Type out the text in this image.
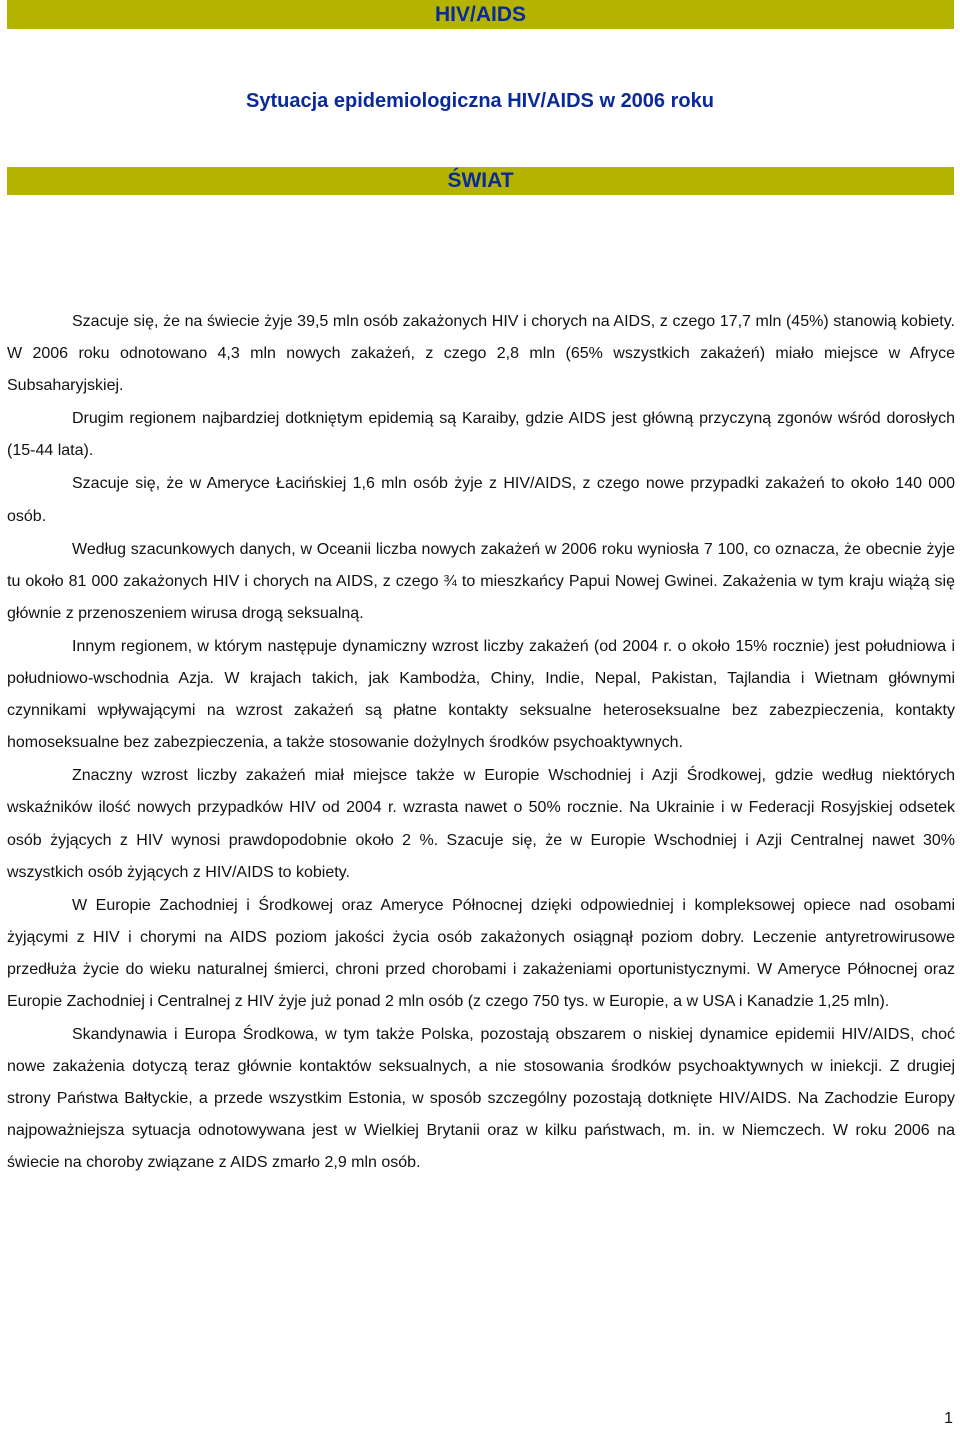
HIV/AIDS
Sytuacja epidemiologiczna HIV/AIDS w 2006 roku
ŚWIAT

Szacuje się, że na świecie żyje 39,5 mln osób zakażonych HIV i chorych na AIDS, z czego 17,7 mln (45%) stanowią kobiety. W 2006 roku odnotowano 4,3 mln nowych zakażeń, z czego 2,8 mln (65% wszystkich zakażeń) miało miejsce w Afryce Subsaharyjskiej.

Drugim regionem najbardziej dotkniętym epidemią są Karaiby, gdzie AIDS jest główną przyczyną zgonów wśród dorosłych (15-44 lata).

Szacuje się, że w Ameryce Łacińskiej 1,6 mln osób żyje z HIV/AIDS, z czego nowe przypadki zakażeń to około 140 000 osób.

Według szacunkowych danych, w Oceanii liczba nowych zakażeń w 2006 roku wyniosła 7 100, co oznacza, że obecnie żyje tu około 81 000 zakażonych HIV i chorych na AIDS, z czego ¾ to mieszkańcy Papui Nowej Gwinei. Zakażenia w tym kraju wiążą się głównie z przenoszeniem wirusa drogą seksualną.

Innym regionem, w którym następuje dynamiczny wzrost liczby zakażeń (od 2004 r. o około 15% rocznie) jest południowa i południowo-wschodnia Azja. W krajach takich, jak Kambodża, Chiny, Indie, Nepal, Pakistan, Tajlandia i Wietnam głównymi czynnikami wpływającymi na wzrost zakażeń są płatne kontakty seksualne heteroseksualne bez zabezpieczenia, kontakty homoseksualne bez zabezpieczenia, a także stosowanie dożylnych środków psychoaktywnych.

Znaczny wzrost liczby zakażeń miał miejsce także w Europie Wschodniej i Azji Środkowej, gdzie według niektórych wskaźników ilość nowych przypadków HIV od 2004 r. wzrasta nawet o 50% rocznie. Na Ukrainie i w Federacji Rosyjskiej odsetek osób żyjących z HIV wynosi prawdopodobnie około 2 %. Szacuje się, że w Europie Wschodniej i Azji Centralnej nawet 30% wszystkich osób żyjących z HIV/AIDS to kobiety.

W Europie Zachodniej i Środkowej oraz Ameryce Północnej dzięki odpowiedniej i kompleksowej opiece nad osobami żyjącymi z HIV i chorymi na AIDS poziom jakości życia osób zakażonych osiągnął poziom dobry. Leczenie antyretrowirusowe przedłuża życie do wieku naturalnej śmierci, chroni przed chorobami i zakażeniami oportunistycznymi. W Ameryce Północnej oraz Europie Zachodniej i Centralnej z HIV żyje już ponad 2 mln osób (z czego 750 tys. w Europie, a w USA i Kanadzie 1,25 mln).

Skandynawia i Europa Środkowa, w tym także Polska, pozostają obszarem o niskiej dynamice epidemii HIV/AIDS, choć nowe zakażenia dotyczą teraz głównie kontaktów seksualnych, a nie stosowania środków psychoaktywnych w iniekcji. Z drugiej strony Państwa Bałtyckie, a przede wszystkim Estonia, w sposób szczególny pozostają dotknięte HIV/AIDS. Na Zachodzie Europy najpoważniejsza sytuacja odnotowywana jest w Wielkiej Brytanii oraz w kilku państwach, m. in. w Niemczech. W roku 2006 na świecie na choroby związane z AIDS zmarło 2,9 mln osób.

1
